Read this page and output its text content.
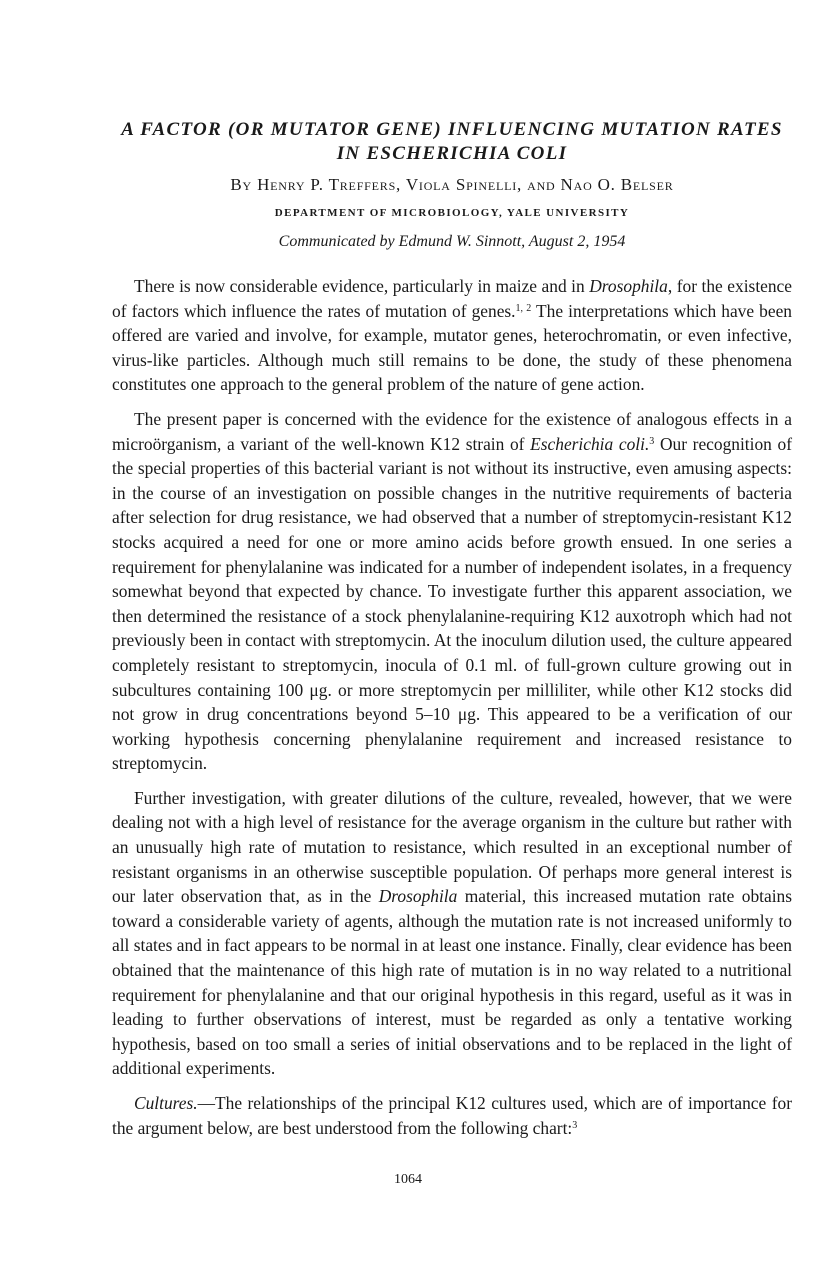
A FACTOR (OR MUTATOR GENE) INFLUENCING MUTATION RATES
IN ESCHERICHIA COLI
By Henry P. Treffers, Viola Spinelli, and Nao O. Belser
DEPARTMENT OF MICROBIOLOGY, YALE UNIVERSITY
Communicated by Edmund W. Sinnott, August 2, 1954

There is now considerable evidence, particularly in maize and in Drosophila, for the existence of factors which influence the rates of mutation of genes.$^{1, 2}$ The interpretations which have been offered are varied and involve, for example, mutator genes, heterochromatin, or even infective, virus-like particles. Although much still remains to be done, the study of these phenomena constitutes one approach to the general problem of the nature of gene action.

The present paper is concerned with the evidence for the existence of analogous effects in a microörganism, a variant of the well-known K12 strain of Escherichia coli.$^3$ Our recognition of the special properties of this bacterial variant is not without its instructive, even amusing aspects: in the course of an investigation on possible changes in the nutritive requirements of bacteria after selection for drug resistance, we had observed that a number of streptomycin-resistant K12 stocks acquired a need for one or more amino acids before growth ensued. In one series a requirement for phenylalanine was indicated for a number of independent isolates, in a frequency somewhat beyond that expected by chance. To investigate further this apparent association, we then determined the resistance of a stock phenylalanine-requiring K12 auxotroph which had not previously been in contact with streptomycin. At the inoculum dilution used, the culture appeared completely resistant to streptomycin, inocula of 0.1 ml. of full-grown culture growing out in subcultures containing 100 μg. or more streptomycin per milliliter, while other K12 stocks did not grow in drug concentrations beyond 5–10 μg. This appeared to be a verification of our working hypothesis concerning phenylalanine requirement and increased resistance to streptomycin.

Further investigation, with greater dilutions of the culture, revealed, however, that we were dealing not with a high level of resistance for the average organism in the culture but rather with an unusually high rate of mutation to resistance, which resulted in an exceptional number of resistant organisms in an otherwise susceptible population. Of perhaps more general interest is our later observation that, as in the Drosophila material, this increased mutation rate obtains toward a considerable variety of agents, although the mutation rate is not increased uniformly to all states and in fact appears to be normal in at least one instance. Finally, clear evidence has been obtained that the maintenance of this high rate of mutation is in no way related to a nutritional requirement for phenylalanine and that our original hypothesis in this regard, useful as it was in leading to further observations of interest, must be regarded as only a tentative working hypothesis, based on too small a series of initial observations and to be replaced in the light of additional experiments.

Cultures.—The relationships of the principal K12 cultures used, which are of importance for the argument below, are best understood from the following chart:$^3$

1064
